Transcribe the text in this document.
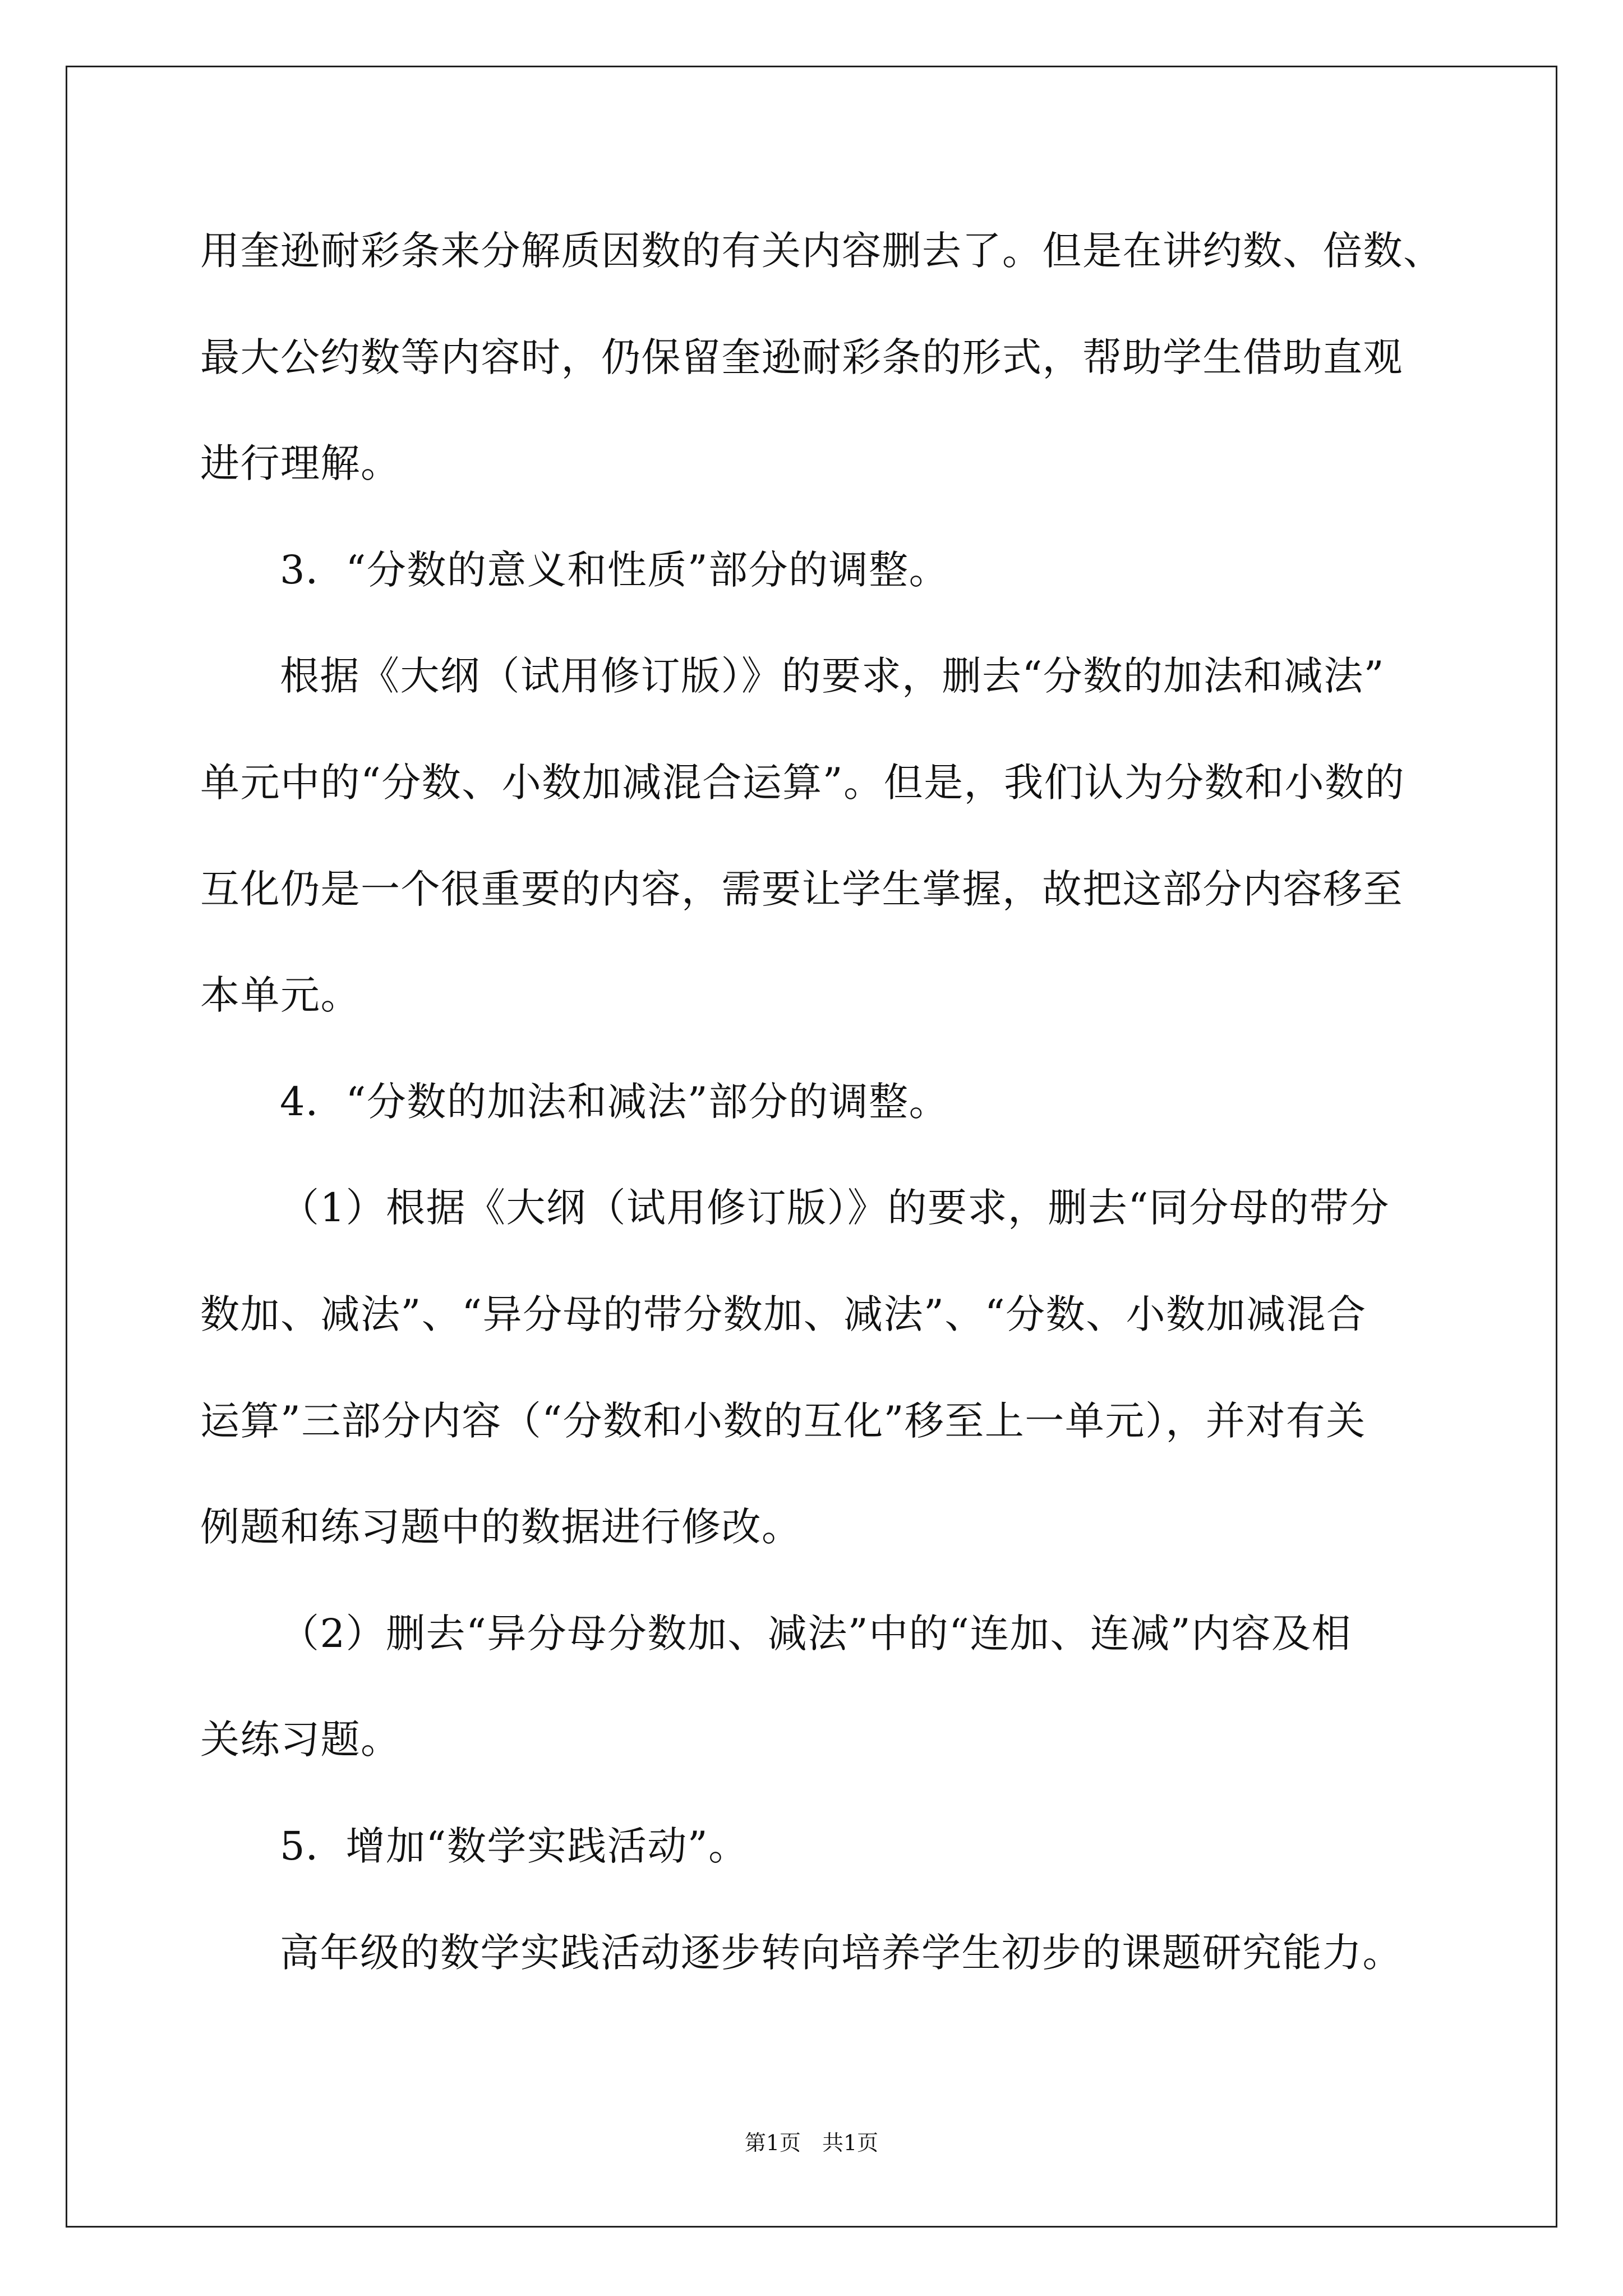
用奎逊耐彩条来分解质因数的有关内容删去了。但是在讲约数、倍数、
最大公约数等内容时，仍保留奎逊耐彩条的形式，帮助学生借助直观
进行理解。
3．“分数的意义和性质”部分的调整。
根据《大纲（试用修订版）》的要求，删去“分数的加法和减法”
单元中的“分数、小数加减混合运算”。但是，我们认为分数和小数的
互化仍是一个很重要的内容，需要让学生掌握，故把这部分内容移至
本单元。
4．“分数的加法和减法”部分的调整。
（1）根据《大纲（试用修订版）》的要求，删去“同分母的带分
数加、减法”、“异分母的带分数加、减法”、“分数、小数加减混合
运算”三部分内容（“分数和小数的互化”移至上一单元），并对有关
例题和练习题中的数据进行修改。
（2）删去“异分母分数加、减法”中的“连加、连减”内容及相
关练习题。
5．增加“数学实践活动”。
高年级的数学实践活动逐步转向培养学生初步的课题研究能力。
第1页　共1页
